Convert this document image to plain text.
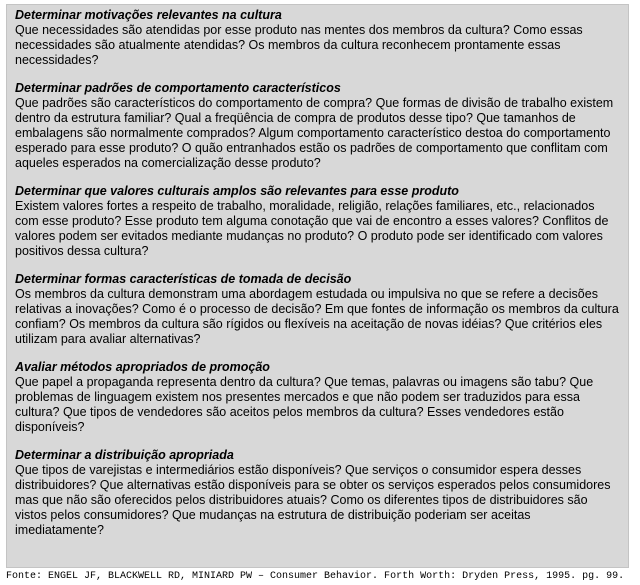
Determinar motivações relevantes na cultura
Que necessidades são atendidas por esse produto nas mentes dos membros da cultura? Como essas necessidades são atualmente atendidas? Os membros da cultura reconhecem prontamente essas necessidades?
Determinar padrões de comportamento característicos
Que padrões são característicos do comportamento de compra? Que formas de divisão de trabalho existem dentro da estrutura familiar? Qual a freqüência de compra de produtos desse tipo? Que tamanhos de embalagens são normalmente comprados? Algum comportamento característico destoa do comportamento esperado para esse produto? O quão entranhados estão os padrões de comportamento que conflitam com aqueles esperados na comercialização desse produto?
Determinar que valores culturais amplos são relevantes para esse produto
Existem valores fortes a respeito de trabalho, moralidade, religião, relações familiares, etc., relacionados com esse produto? Esse produto tem alguma conotação que vai de encontro a esses valores? Conflitos de valores podem ser evitados mediante mudanças no produto? O produto pode ser identificado com valores positivos dessa cultura?
Determinar formas características de tomada de decisão
Os membros da cultura demonstram uma abordagem estudada ou impulsiva no que se refere a decisões relativas a inovações? Como é o processo de decisão? Em que fontes de informação os membros da cultura confiam? Os membros da cultura são rígidos ou flexíveis na aceitação de novas idéias? Que critérios eles utilizam para avaliar alternativas?
Avaliar métodos apropriados de promoção
Que papel a propaganda representa dentro da cultura? Que temas, palavras ou imagens são tabu? Que problemas de linguagem existem nos presentes mercados e que não podem ser traduzidos para essa cultura? Que tipos de vendedores são aceitos pelos membros da cultura? Esses vendedores estão disponíveis?
Determinar a distribuição apropriada
Que tipos de varejistas e intermediários estão disponíveis? Que serviços o consumidor espera desses distribuidores? Que alternativas estão disponíveis para se obter os serviços esperados pelos consumidores mas que não são oferecidos pelos distribuidores atuais? Como os diferentes tipos de distribuidores são vistos pelos consumidores? Que mudanças na estrutura de distribuição poderiam ser aceitas imediatamente?
Fonte: ENGEL JF, BLACKWELL RD, MINIARD PW – Consumer Behavior. Forth Worth: Dryden Press, 1995. pg. 99.
